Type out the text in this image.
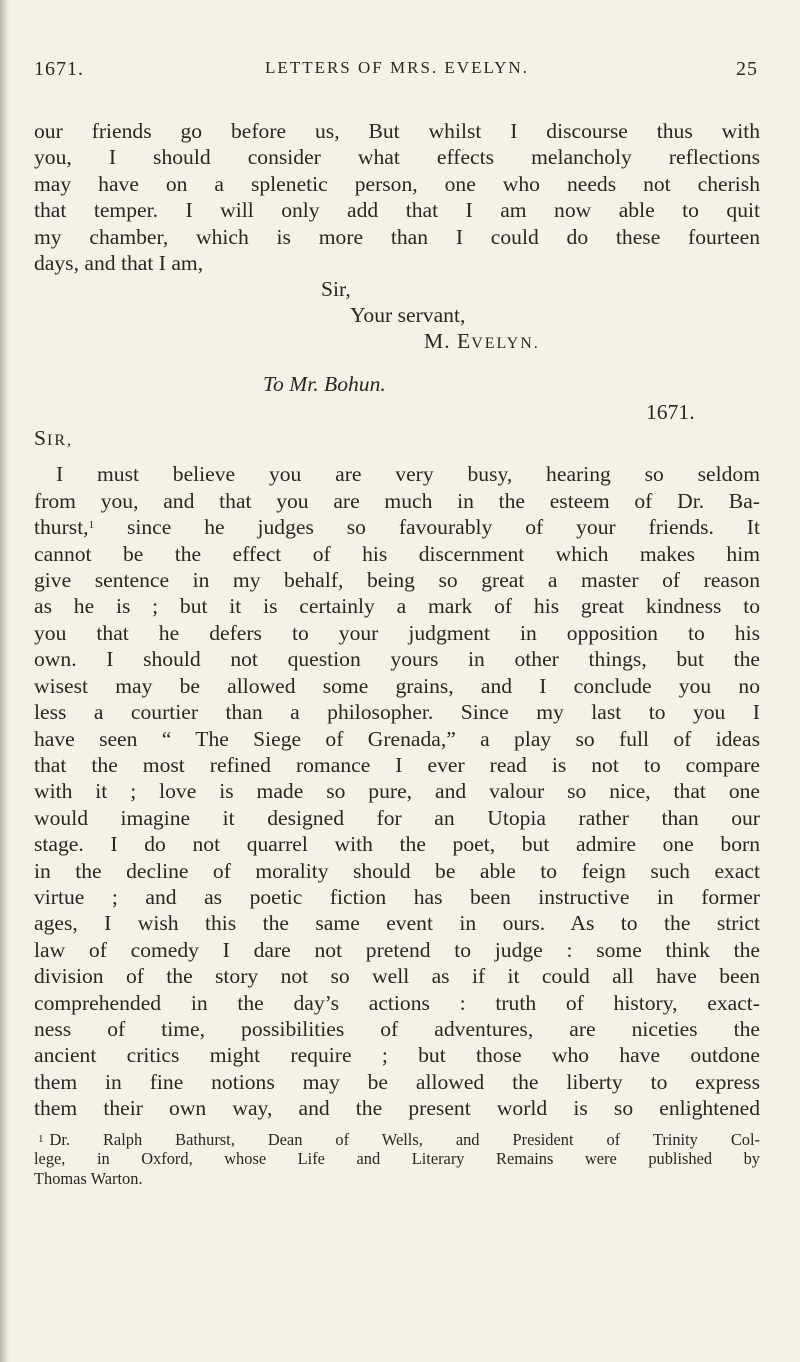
1671.	LETTERS OF MRS. EVELYN.	25
our friends go before us, But whilst I discourse thus with
you, I should consider what effects melancholy reflections
may have on a splenetic person, one who needs not cherish
that temper. I will only add that I am now able to quit
my chamber, which is more than I could do these fourteen
days, and that I am,
Sir,
Your servant,
M. EVELYN.
To Mr. Bohun.
1671.
SIR,
I must believe you are very busy, hearing so seldom
from you, and that you are much in the esteem of Dr. Ba-
thurst,$^1$ since he judges so favourably of your friends. It
cannot be the effect of his discernment which makes him
give sentence in my behalf, being so great a master of reason
as he is ; but it is certainly a mark of his great kindness to
you that he defers to your judgment in opposition to his
own. I should not question yours in other things, but the
wisest may be allowed some grains, and I conclude you no
less a courtier than a philosopher. Since my last to you I
have seen “ The Siege of Grenada,” a play so full of ideas
that the most refined romance I ever read is not to compare
with it ; love is made so pure, and valour so nice, that one
would imagine it designed for an Utopia rather than our
stage. I do not quarrel with the poet, but admire one born
in the decline of morality should be able to feign such exact
virtue ; and as poetic fiction has been instructive in former
ages, I wish this the same event in ours. As to the strict
law of comedy I dare not pretend to judge : some think the
division of the story not so well as if it could all have been
comprehended in the day’s actions : truth of history, exact-
ness of time, possibilities of adventures, are niceties the
ancient critics might require ; but those who have outdone
them in fine notions may be allowed the liberty to express
them their own way, and the present world is so enlightened
$^1$ Dr. Ralph Bathurst, Dean of Wells, and President of Trinity Col-
lege, in Oxford, whose Life and Literary Remains were published by
Thomas Warton.
